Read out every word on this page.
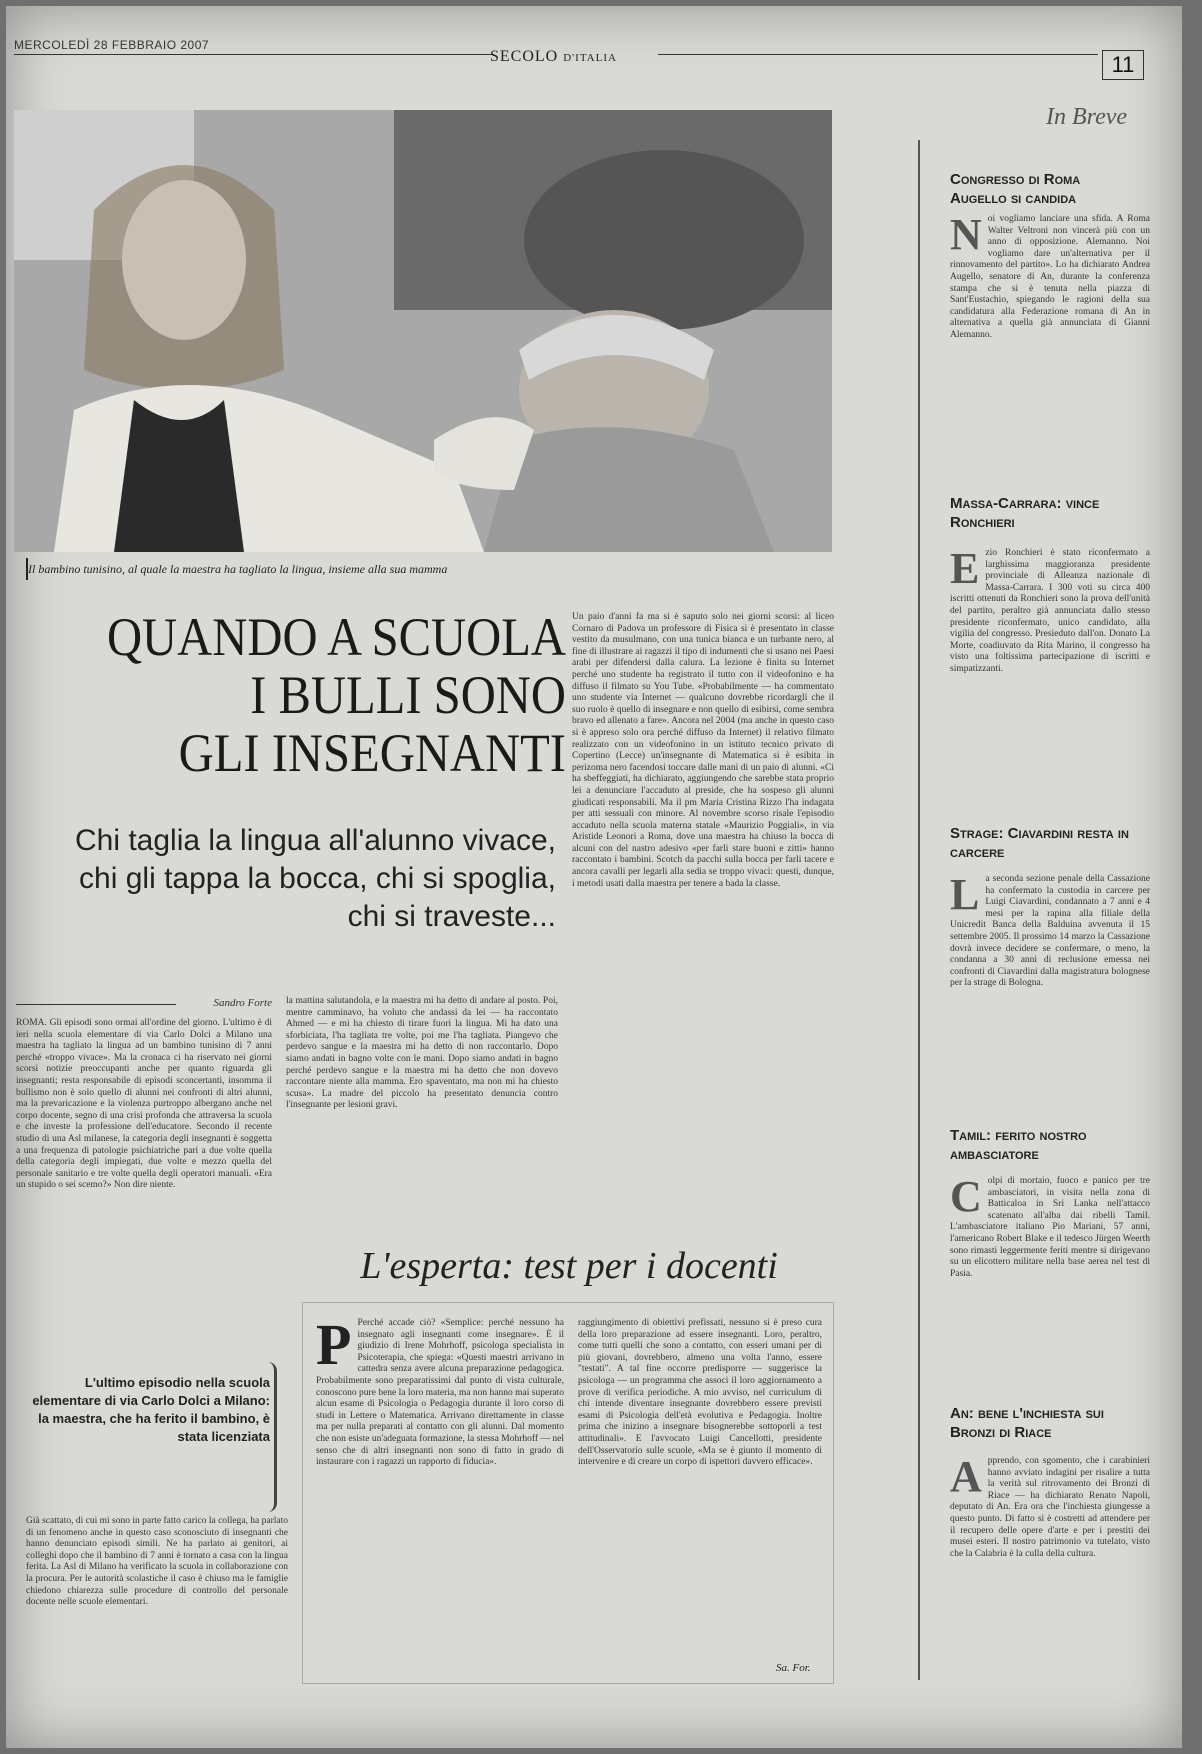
MERCOLEDÌ 28 FEBBRAIO 2007
SECOLO D'ITALIA	11
Il bambino tunisino, al quale la maestra ha tagliato la lingua, insieme alla sua mamma
QUANDO A SCUOLA
I BULLI SONO
GLI INSEGNANTI
Chi taglia la lingua all'alunno vivace, chi gli tappa la bocca, chi si spoglia, chi si traveste...
Un paio d'anni fa ma si è saputo solo nei giorni scorsi: al liceo Cornaro di Padova un professore di Fisica si è presentato in classe vestito da musulmano, con una tunica bianca e un turbante nero, al fine di illustrare ai ragazzi il tipo di indumenti che si usano nei Paesi arabi per difendersi dalla calura. La lezione è finita su Internet perché uno studente ha registrato il tutto con il videofonino e ha diffuso il filmato su You Tube. «Probabilmente — ha commentato uno studente via Internet — qualcuno dovrebbe ricordargli che il suo ruolo è quello di insegnare e non quello di esibirsi, come sembra bravo ed allenato a fare». Ancora nel 2004 (ma anche in questo caso si è appreso solo ora perché diffuso da Internet) il relativo filmato realizzato con un videofonino in un istituto tecnico privato di Copertino (Lecce) un'insegnante di Matematica si è esibita in perizoma nero facendosi toccare dalle mani di un paio di alunni. «Ci ha sbeffeggiati, ha dichiarato, aggiungendo che sarebbe stata proprio lei a denunciare l'accaduto al preside, che ha sospeso gli alunni giudicati responsabili. Ma il pm Maria Cristina Rizzo l'ha indagata per atti sessuali con minore. Al novembre scorso risale l'episodio accaduto nella scuola materna statale «Maurizio Poggiali», in via Aristide Leonori a Roma, dove una maestra ha chiuso la bocca di alcuni con del nastro adesivo «per farli stare buoni e zitti» hanno raccontato i bambini. Scotch da pacchi sulla bocca per farli tacere e ancora cavalli per legarli alla sedia se troppo vivaci: questi, dunque, i metodi usati dalla maestra per tenere a bada la classe.
Sandro Forte
ROMA. Gli episodi sono ormai all'ordine del giorno. L'ultimo è di ieri nella scuola elementare di via Carlo Dolci a Milano una maestra ha tagliato la lingua ad un bambino tunisino di 7 anni perché «troppo vivace». Ma la cronaca ci ha riservato nei giorni scorsi notizie preoccupanti anche per quanto riguarda gli insegnanti; resta responsabile di episodi sconcertanti, insomma il bullismo non è solo quello di alunni nei confronti di altri alunni, ma la prevaricazione e la violenza purtroppo albergano anche nel corpo docente, segno di una crisi profonda che attraversa la scuola e che investe la professione dell'educatore. Secondo il recente studio di una Asl milanese, la categoria degli insegnanti è soggetta a una frequenza di patologie psichiatriche pari a due volte quella della categoria degli impiegati, due volte e mezzo quella del personale sanitario e tre volte quella degli operatori manuali. «Era un stupido o sei scemo?» Non dire niente.
la mattina salutandola, e la maestra mi ha detto di andare al posto. Poi, mentre camminavo, ha voluto che andassi da lei — ha raccontato Ahmed — e mi ha chiesto di tirare fuori la lingua. Mi ha dato una sforbiciata, l'ha tagliata tre volte, poi me l'ha tagliata. Piangevo che perdevo sangue e la maestra mi ha detto di non raccontarlo. Dopo siamo andati in bagno volte con le mani. Dopo siamo andati in bagno perché perdevo sangue e la maestra mi ha detto che non dovevo raccontare niente alla mamma. Ero spaventato, ma non mi ha chiesto scusa». La madre del piccolo ha presentato denuncia contro l'insegnante per lesioni gravi.
L'ultimo episodio nella scuola elementare di via Carlo Dolci a Milano: la maestra, che ha ferito il bambino, è stata licenziata
Già scattato, di cui mi sono in parte fatto carico la collega, ha parlato di un fenomeno anche in questo caso sconosciuto di insegnanti che hanno denunciato episodi simili. Ne ha parlato ai genitori, ai colleghi dopo che il bambino di 7 anni è tornato a casa con la lingua ferita. La Asl di Milano ha verificato la scuola in collaborazione con la procura. Per le autorità scolastiche il caso è chiuso ma le famiglie chiedono chiarezza sulle procedure di controllo del personale docente nelle scuole elementari.
L'esperta: test per i docenti
P Perché accade ciò? «Semplice: perché nessuno ha insegnato agli insegnanti come insegnare». È il giudizio di Irene Mohrhoff, psicologa specialista in Psicoterapia, che spiega: «Questi maestri arrivano in cattedra senza avere alcuna preparazione pedagogica. Probabilmente sono preparatissimi dal punto di vista culturale, conoscono pure bene la loro materia, ma non hanno mai superato alcun esame di Psicologia o Pedagogia durante il loro corso di studi in Lettere o Matematica. Arrivano direttamente in classe ma per nulla preparati al contatto con gli alunni. Dal momento che non esiste un'adeguata formazione, la stessa Mohrhoff — nel senso che di altri insegnanti non sono di fatto in grado di instaurare con i ragazzi un rapporto di fiducia».
raggiungimento di obiettivi prefissati, nessuno si è preso cura della loro preparazione ad essere insegnanti. Loro, peraltro, come tutti quelli che sono a contatto, con esseri umani per di più giovani, dovrebbero, almeno una volta l'anno, essere "testati". A tal fine occorre predisporre — suggerisce la psicologa — un programma che associ il loro aggiornamento a prove di verifica periodiche. A mio avviso, nel curriculum di chi intende diventare insegnante dovrebbero essere previsti esami di Psicologia dell'età evolutiva e Pedagogia. Inoltre prima che inizino a insegnare bisognerebbe sottoporli a test attitudinali». E l'avvocato Luigi Cancellotti, presidente dell'Osservatorio sulle scuole, «Ma se è giunto il momento di intervenire e di creare un corpo di ispettori davvero efficace».
Sa. For.
In Breve
Congresso di Roma Augello si candida
Noi vogliamo lanciare una sfida. A Roma Walter Veltroni non vincerà più con un anno di opposizione. Alemanno. Noi vogliamo dare un'alternativa per il rinnovamento del partito». Lo ha dichiarato Andrea Augello, senatore di An, durante la conferenza stampa che si è tenuta nella piazza di Sant'Eustachio, spiegando le ragioni della sua candidatura alla Federazione romana di An in alternativa a quella già annunciata di Gianni Alemanno.
Massa-Carrara: vince Ronchieri
Ezio Ronchieri è stato riconfermato a larghissima maggioranza presidente provinciale di Alleanza nazionale di Massa-Carrara. I 300 voti su circa 400 iscritti ottenuti da Ronchieri sono la prova dell'unità del partito, peraltro già annunciata dallo stesso presidente riconfermato, unico candidato, alla vigilia del congresso. Presieduto dall'on. Donato La Morte, coadiuvato da Rita Marino, il congresso ha visto una foltissima partecipazione di iscritti e simpatizzanti.
Strage: Ciavardini resta in carcere
La seconda sezione penale della Cassazione ha confermato la custodia in carcere per Luigi Ciavardini, condannato a 7 anni e 4 mesi per la rapina alla filiale della Unicredit Banca della Balduina avvenuta il 15 settembre 2005. Il prossimo 14 marzo la Cassazione dovrà invece decidere se confermare, o meno, la condanna a 30 anni di reclusione emessa nei confronti di Ciavardini dalla magistratura bolognese per la strage di Bologna.
Tamil: ferito nostro ambasciatore
Colpi di mortaio, fuoco e panico per tre ambasciatori, in visita nella zona di Batticaloa in Sri Lanka nell'attacco scatenato all'alba dai ribelli Tamil. L'ambasciatore italiano Pio Mariani, 57 anni, l'americano Robert Blake e il tedesco Jürgen Weerth sono rimasti leggermente feriti mentre si dirigevano su un elicottero militare nella base aerea nel test di Pasia.
An: bene l'inchiesta sui Bronzi di Riace
Apprendo, con sgomento, che i carabinieri hanno avviato indagini per risalire a tutta la verità sul ritrovamento dei Bronzi di Riace — ha dichiarato Renato Napoli, deputato di An. Era ora che l'inchiesta giungesse a questo punto. Di fatto si è costretti ad attendere per il recupero delle opere d'arte e per i prestiti dei musei esteri. Il nostro patrimonio va tutelato, visto che la Calabria è la culla della cultura.
